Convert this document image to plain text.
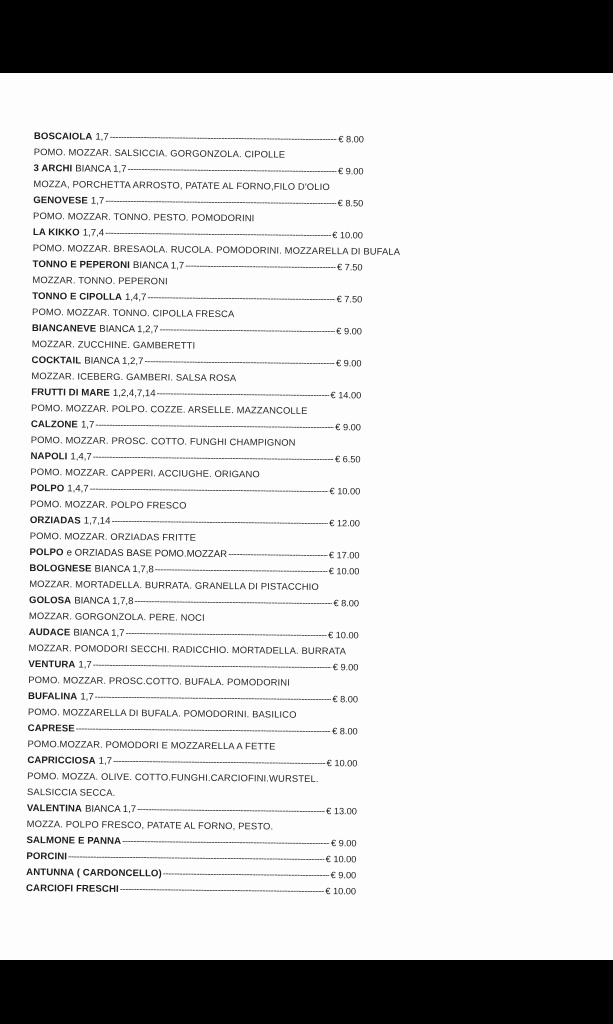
BOSCAIOLA 1,7 -----	€ 8.00
POMO. MOZZAR. SALSICCIA. GORGONZOLA. CIPOLLE
3 ARCHI BIANCA 1,7 -----	€ 9.00
MOZZA, PORCHETTA ARROSTO, PATATE AL FORNO,FILO D'OLIO
GENOVESE 1,7 -----	€ 8.50
POMO. MOZZAR. TONNO. PESTO. POMODORINI
LA KIKKO 1,7,4 -----	€ 10.00
POMO. MOZZAR. BRESAOLA. RUCOLA. POMODORINI. MOZZARELLA DI BUFALA
TONNO E PEPERONI BIANCA 1,7 -----	€ 7.50
MOZZAR. TONNO. PEPERONI
TONNO E CIPOLLA 1,4,7 -----	€ 7.50
POMO. MOZZAR. TONNO. CIPOLLA FRESCA
BIANCANEVE BIANCA 1,2,7 -----	€ 9.00
MOZZAR. ZUCCHINE. GAMBERETTI
COCKTAIL BIANCA 1,2,7 -----	€ 9.00
MOZZAR. ICEBERG. GAMBERI. SALSA ROSA
FRUTTI DI MARE 1,2,4,7,14 -----	€ 14.00
POMO. MOZZAR. POLPO. COZZE. ARSELLE. MAZZANCOLLE
CALZONE 1,7 -----	€ 9.00
POMO. MOZZAR. PROSC. COTTO. FUNGHI CHAMPIGNON
NAPOLI 1,4,7 -----	€ 6.50
POMO. MOZZAR. CAPPERI. ACCIUGHE. ORIGANO
POLPO 1,4,7 -----	€ 10.00
POMO. MOZZAR. POLPO FRESCO
ORZIADAS 1,7,14 -----	€ 12.00
POMO. MOZZAR. ORZIADAS FRITTE
POLPO e ORZIADAS BASE POMO.MOZZAR -----	€ 17.00
BOLOGNESE BIANCA 1,7,8 -----	€ 10.00
MOZZAR. MORTADELLA. BURRATA. GRANELLA DI PISTACCHIO
GOLOSA BIANCA 1,7,8 -----	€ 8.00
MOZZAR. GORGONZOLA. PERE. NOCI
AUDACE BIANCA 1,7 -----	€ 10.00
MOZZAR. POMODORI SECCHI. RADICCHIO. MORTADELLA. BURRATA
VENTURA 1,7 -----	€ 9.00
POMO. MOZZAR. PROSC.COTTO. BUFALA. POMODORINI
BUFALINA 1,7 -----	€ 8.00
POMO. MOZZARELLA DI BUFALA. POMODORINI. BASILICO
CAPRESE -----	€ 8.00
POMO.MOZZAR. POMODORI E MOZZARELLA A FETTE
CAPRICCIOSA 1,7 -----	€ 10.00
POMO. MOZZA. OLIVE. COTTO.FUNGHI.CARCIOFINI.WURSTEL.
SALSICCIA SECCA.
VALENTINA BIANCA 1,7 -----	€ 13.00
MOZZA. POLPO FRESCO, PATATE AL FORNO, PESTO.
SALMONE E PANNA -----	€ 9.00
PORCINI -----	€ 10.00
ANTUNNA ( CARDONCELLO) -----	€ 9.00
CARCIOFI FRESCHI -----	€ 10.00
